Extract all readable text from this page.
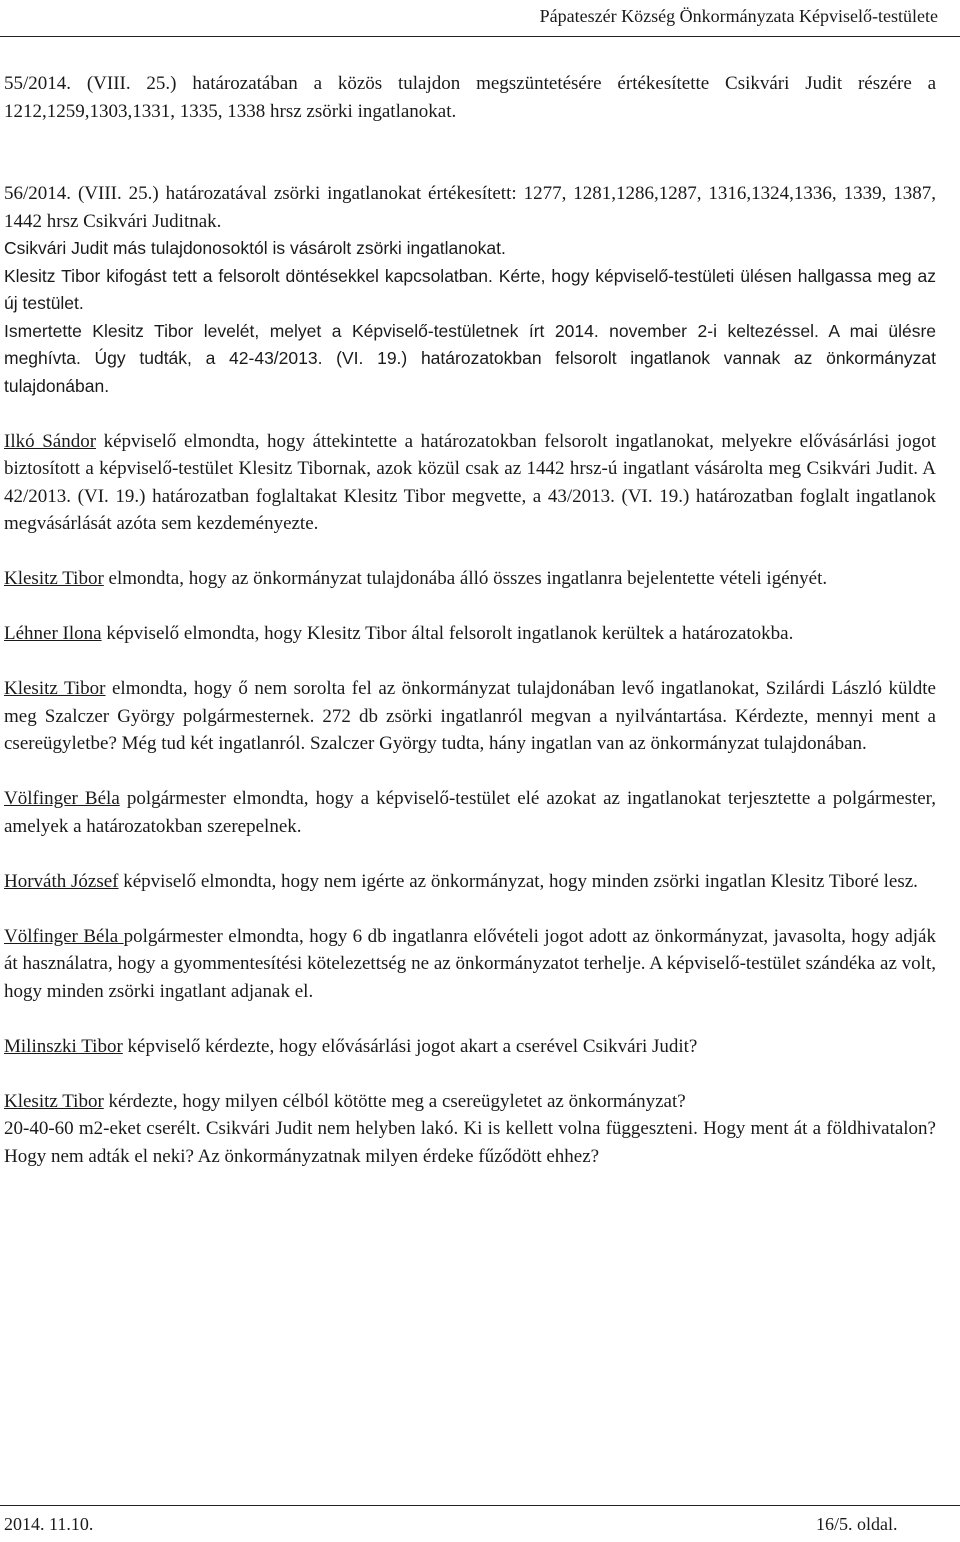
Pápateszér Község Önkormányzata Képviselő-testülete

55/2014. (VIII. 25.) határozatában a közös tulajdon megszüntetésére értékesítette Csikvári Judit részére a 1212,1259,1303,1331, 1335, 1338 hrsz zsörki ingatlanokat.

56/2014. (VIII. 25.) határozatával zsörki ingatlanokat értékesített: 1277, 1281,1286,1287, 1316,1324,1336, 1339, 1387, 1442 hrsz Csikvári Juditnak.

Csikvári Judit más tulajdonosoktól is vásárolt zsörki ingatlanokat.

Klesitz Tibor kifogást tett a felsorolt döntésekkel kapcsolatban. Kérte, hogy képviselő-testületi ülésen hallgassa meg az új testület.

Ismertette Klesitz Tibor levelét, melyet a Képviselő-testületnek írt 2014. november 2-i keltezéssel. A mai ülésre meghívta. Úgy tudták, a 42-43/2013. (VI. 19.) határozatokban felsorolt ingatlanok vannak az önkormányzat tulajdonában.

Ilkó Sándor képviselő elmondta, hogy áttekintette a határozatokban felsorolt ingatlanokat, melyekre elővásárlási jogot biztosított a képviselő-testület Klesitz Tibornak, azok közül csak az 1442 hrsz-ú ingatlant vásárolta meg Csikvári Judit. A 42/2013. (VI. 19.) határozatban foglaltakat Klesitz Tibor megvette, a 43/2013. (VI. 19.) határozatban foglalt ingatlanok megvásárlását azóta sem kezdeményezte.

Klesitz Tibor elmondta, hogy az önkormányzat tulajdonába álló összes ingatlanra bejelentette vételi igényét.

Léhner Ilona képviselő elmondta, hogy Klesitz Tibor által felsorolt ingatlanok kerültek a határozatokba.

Klesitz Tibor elmondta, hogy ő nem sorolta fel az önkormányzat tulajdonában levő ingatlanokat, Szilárdi László küldte meg Szalczer György polgármesternek. 272 db zsörki ingatlanról megvan a nyilvántartása. Kérdezte, mennyi ment a csereügyletbe? Még tud két ingatlanról. Szalczer György tudta, hány ingatlan van az önkormányzat tulajdonában.

Völfinger Béla polgármester elmondta, hogy a képviselő-testület elé azokat az ingatlanokat terjesztette a polgármester, amelyek a határozatokban szerepelnek.

Horváth József képviselő elmondta, hogy nem igérte az önkormányzat, hogy minden zsörki ingatlan Klesitz Tiboré lesz.

Völfinger Béla polgármester elmondta, hogy 6 db ingatlanra elővételi jogot adott az önkormányzat, javasolta, hogy adják át használatra, hogy a gyommentesítési kötelezettség ne az önkormányzatot terhelje. A képviselő-testület szándéka az volt, hogy minden zsörki ingatlant adjanak el.

Milinszki Tibor képviselő kérdezte, hogy elővásárlási jogot akart a cserével Csikvári Judit?

Klesitz Tibor kérdezte, hogy milyen célból kötötte meg a csereügyletet az önkormányzat?

20-40-60 m2-eket cserélt. Csikvári Judit nem helyben lakó. Ki is kellett volna függeszteni. Hogy ment át a földhivatalon? Hogy nem adták el neki? Az önkormányzatnak milyen érdeke fűződött ehhez?

2014. 11.10.	16/5. oldal.
